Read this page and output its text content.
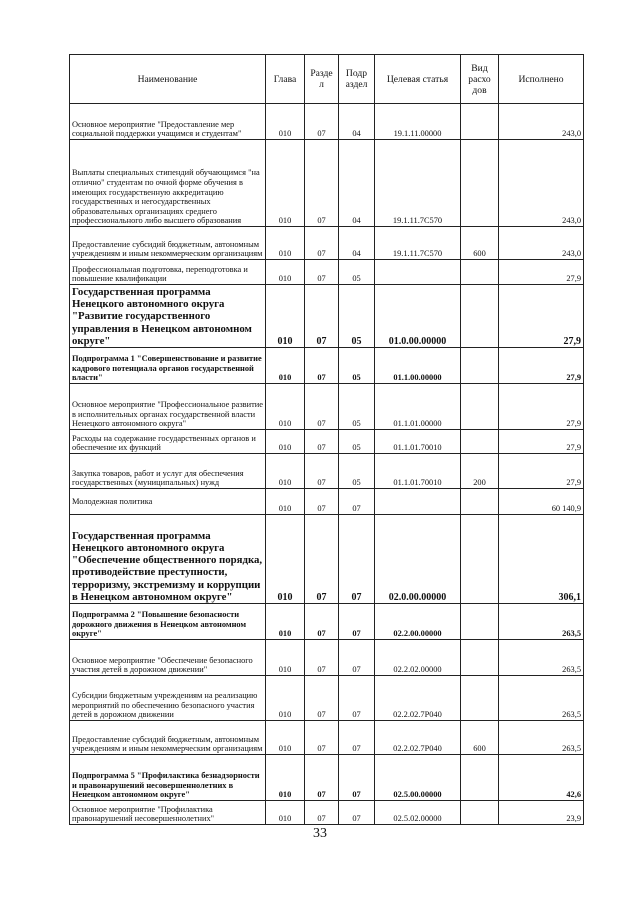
Наименование	Глава	Разде л	Подр аздел	Целевая статья	Вид расхо дов	Исполнено
Основное мероприятие "Предоставление мер социальной поддержки учащимся и студентам"	010	07	04	19.1.11.00000		243,0
Выплаты специальных стипендий обучающимся "на отлично" студентам по очной форме обучения в имеющих государственную аккредитацию государственных и негосударственных образовательных организациях среднего профессионального либо высшего образования	010	07	04	19.1.11.7С570		243,0
Предоставление субсидий бюджетным, автономным учреждениям и иным некоммерческим организациям	010	07	04	19.1.11.7С570	600	243,0
Профессиональная подготовка, переподготовка и повышение квалификации	010	07	05			27,9
Государственная программа Ненецкого автономного округа "Развитие государственного управления в Ненецком автономном округе"	010	07	05	01.0.00.00000		27,9
Подпрограмма 1 "Совершенствование и развитие кадрового потенциала органов государственной власти"	010	07	05	01.1.00.00000		27,9
Основное мероприятие "Профессиональное развитие в исполнительных органах государственной власти Ненецкого автономного округа"	010	07	05	01.1.01.00000		27,9
Расходы на содержание государственных органов и обеспечение их функций	010	07	05	01.1.01.70010		27,9
Закупка товаров, работ и услуг для обеспечения государственных (муниципальных) нужд	010	07	05	01.1.01.70010	200	27,9
Молодежная политика	010	07	07			60 140,9
Государственная программа Ненецкого автономного округа "Обеспечение общественного порядка, противодействие преступности, терроризму, экстремизму и коррупции в Ненецком автономном округе"	010	07	07	02.0.00.00000		306,1
Подпрограмма 2 "Повышение безопасности дорожного движения в Ненецком автономном округе"	010	07	07	02.2.00.00000		263,5
Основное мероприятие "Обеспечение безопасного участия детей в дорожном движении"	010	07	07	02.2.02.00000		263,5
Субсидии бюджетным учреждениям на реализацию мероприятий по обеспечению безопасного участия детей в дорожном движении	010	07	07	02.2.02.7Р040		263,5
Предоставление субсидий бюджетным, автономным учреждениям и иным некоммерческим организациям	010	07	07	02.2.02.7Р040	600	263,5
Подпрограмма 5 "Профилактика безнадзорности и правонарушений несовершеннолетних в Ненецком автономном округе"	010	07	07	02.5.00.00000		42,6
Основное мероприятие "Профилактика правонарушений несовершеннолетних"	010	07	07	02.5.02.00000		23,9
33
